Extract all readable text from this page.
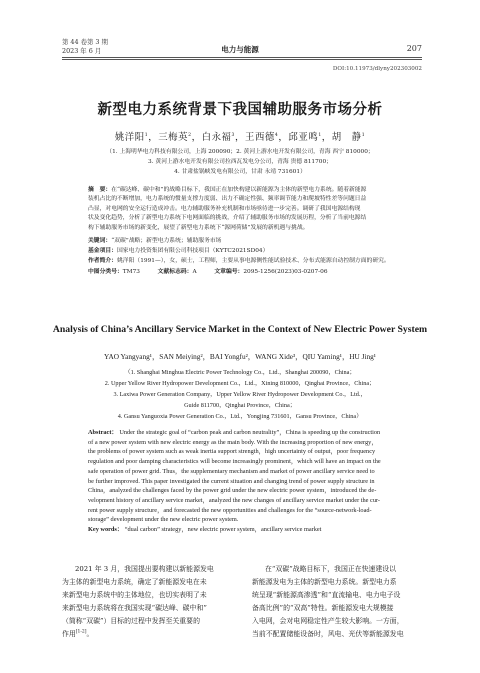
第 44 卷第 3 期
2023 年 6 月	电力与能源	207
DOI:10.11973/dlyny202303002
新型电力系统背景下我国辅助服务市场分析
姚洋阳$^1$，三梅英$^2$，白永福$^3$，王西德$^4$，邱亚鸣$^1$，胡　静$^1$
（1. 上海明华电力科技有限公司，上海 200090；2. 黄河上游水电开发有限公司，青海 西宁 810000；
3. 黄河上游水电开发有限公司拉西瓦发电分公司，青海 贵德 811700；
4. 甘肃盐锅峡发电有限公司，甘肃 永靖 731601）
摘　要：在“碳达峰、碳中和”的战略目标下，我国正在加快构建以新能源为主体的新型电力系统。随着新能源
装机占比的不断增加，电力系统的惯量支撑力度弱、出力不确定性强、频率调节能力和爬坡特性差等问题日益
凸显，对电网的安全运行造成冲击。电力辅助服务补充机制和市场亟待进一步完善。调研了我国电源结构现
状及变化趋势，分析了新型电力系统下电网面临的挑战，介绍了辅助服务市场的发展历程，分析了当前电源结
构下辅助服务市场的新变化，展望了新型电力系统下“源网荷储”发展的新机遇与挑战。
关键词：“双碳”战略；新型电力系统；辅助服务市场
基金项目：国家电力投资集团有限公司科技项目（KYTC2021SD04）
作者简介：姚洋阳（1991—），女，硕士，工程师，主要从事电源侧性能试验技术、分布式能源自动控制方面的研究。
中图分类号：TM73	文献标志码：A	文章编号：2095-1256(2023)03-0207-06
Analysis of China’s Ancillary Service Market in the Context of New Electric Power System
YAO Yangyang¹，SAN Meiying²，BAI Yongfu²，WANG Xide³，QIU Yaming¹，HU Jing¹
（1. Shanghai Minghua Electric Power Technology Co.，Ltd.，Shanghai 200090，China；
2. Upper Yellow River Hydropower Development Co.，Ltd.，Xining 810000，Qinghai Province，China；
3. Laxiwa Power Generation Company，Upper Yellow River Hydropower Development Co.，Ltd.，
Guide 811700，Qinghai Province，China；
4. Gansu Yanguoxia Power Generation Co.，Ltd.，Yongjing 731601，Gansu Province，China）
Abstract： Under the strategic goal of “carbon peak and carbon neutrality”，China is speeding up the construction
of a new power system with new electric energy as the main body. With the increasing proportion of new energy，
the problems of power system such as weak inertia support strength，high uncertainty of output，poor frequency
regulation and poor damping characteristics will become increasingly prominent，which will have an impact on the
safe operation of power grid. Thus，the supplementary mechanism and market of power ancillary service need to
be further improved. This paper investigated the current situation and changing trend of power supply structure in
China，analyzed the challenges faced by the power grid under the new electric power system，introduced the de-
velopment history of ancillary service market，analyzed the new changes of ancillary service market under the cur-
rent power supply structure，and forecasted the new opportunities and challenges for the “source-network-load-
storage” development under the new electric power system.
Key words： “dual carbon” strategy，new electric power system，ancillary service market
2021 年 3 月，我国提出要构建以新能源发电
为主体的新型电力系统，确定了新能源发电在未
来新型电力系统中的主体地位，也切实表明了未
来新型电力系统将在我国实现“碳达峰、碳中和”
（简称“双碳”）目标的过程中发挥至关重要的
作用[1-2]。
在“双碳”战略目标下，我国正在快速建设以
新能源发电为主体的新型电力系统。新型电力系
统呈现“新能源高渗透”和“直流输电、电力电子设
备高比例”的“双高”特性。新能源发电大规模接
入电网，会对电网稳定性产生较大影响。一方面，
当前不配置储能设备时，风电、光伏等新能源发电
